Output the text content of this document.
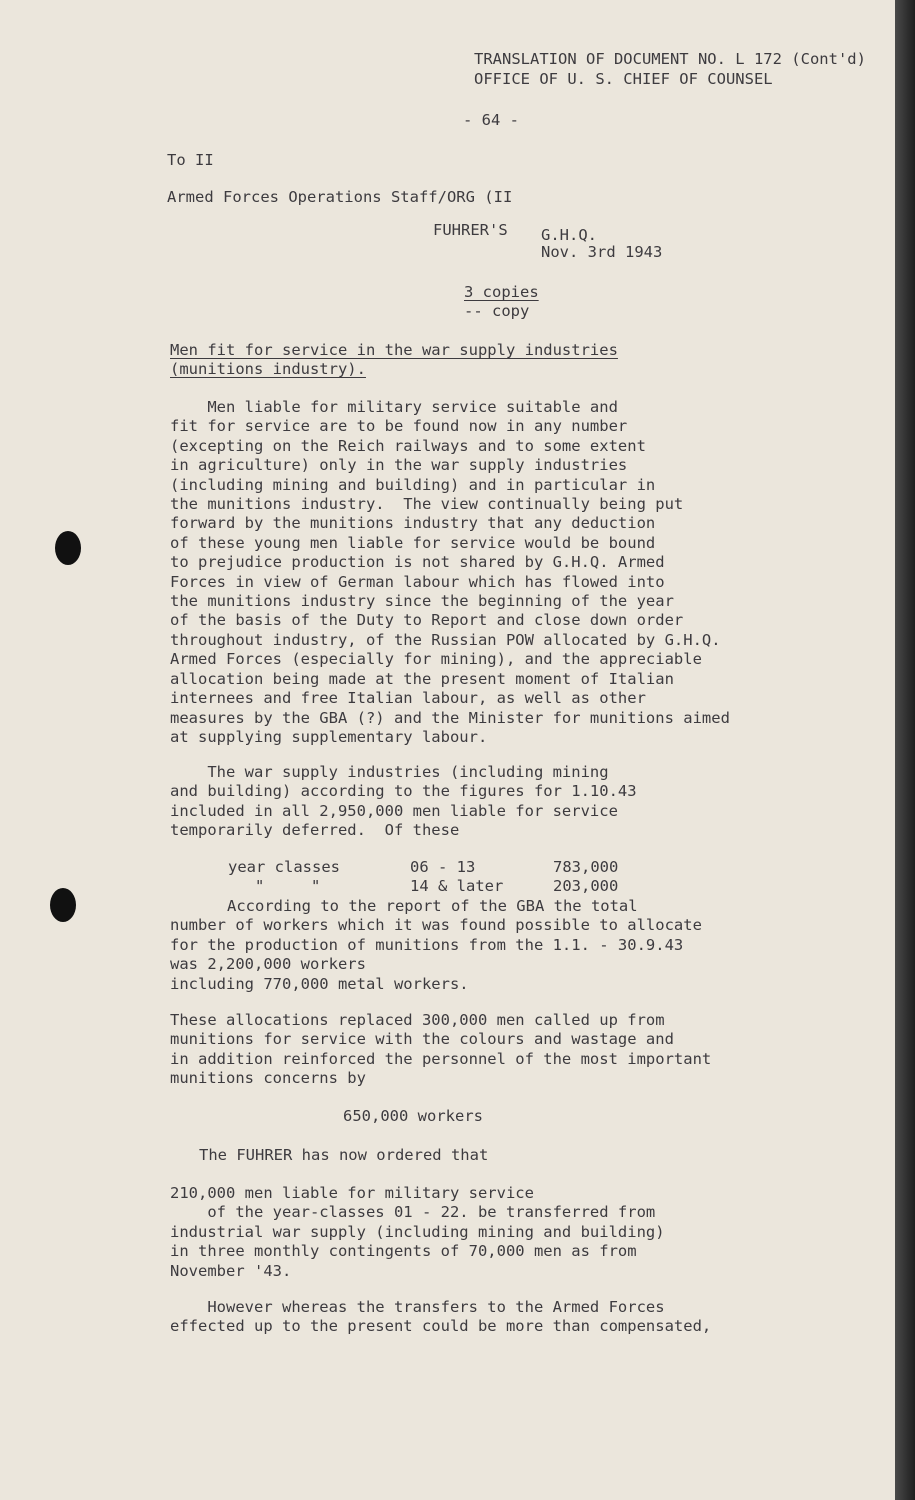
TRANSLATION OF DOCUMENT NO. L 172 (Cont'd)
OFFICE OF U. S. CHIEF OF COUNSEL
- 64 -
To II
Armed Forces Operations Staff/ORG (II
FUHRER'S G.H.Q.
Nov. 3rd 1943
3 copies
-- copy
Men fit for service in the war supply industries
(munitions industry).
Men liable for military service suitable and
fit for service are to be found now in any number
(excepting on the Reich railways and to some extent
in agriculture) only in the war supply industries
(including mining and building) and in particular in
the munitions industry.  The view continually being put
forward by the munitions industry that any deduction
of these young men liable for service would be bound
to prejudice production is not shared by G.H.Q. Armed
Forces in view of German labour which has flowed into
the munitions industry since the beginning of the year
of the basis of the Duty to Report and close down order
throughout industry, of the Russian POW allocated by G.H.Q.
Armed Forces (especially for mining), and the appreciable
allocation being made at the present moment of Italian
internees and free Italian labour, as well as other
measures by the GBA (?) and the Minister for munitions aimed
at supplying supplementary labour.
The war supply industries (including mining
and building) according to the figures for 1.10.43
included in all 2,950,000 men liable for service
temporarily deferred.  Of these
year classes	06 - 13	783,000
"     "	14 & later	203,000
According to the report of the GBA the total
number of workers which it was found possible to allocate
for the production of munitions from the 1.1. - 30.9.43
was 2,200,000 workers
including 770,000 metal workers.
These allocations replaced 300,000 men called up from
munitions for service with the colours and wastage and
in addition reinforced the personnel of the most important
munitions concerns by
650,000 workers
The FUHRER has now ordered that
210,000 men liable for military service
of the year-classes 01 - 22. be transferred from
industrial war supply (including mining and building)
in three monthly contingents of 70,000 men as from
November '43.
However whereas the transfers to the Armed Forces
effected up to the present could be more than compensated,
